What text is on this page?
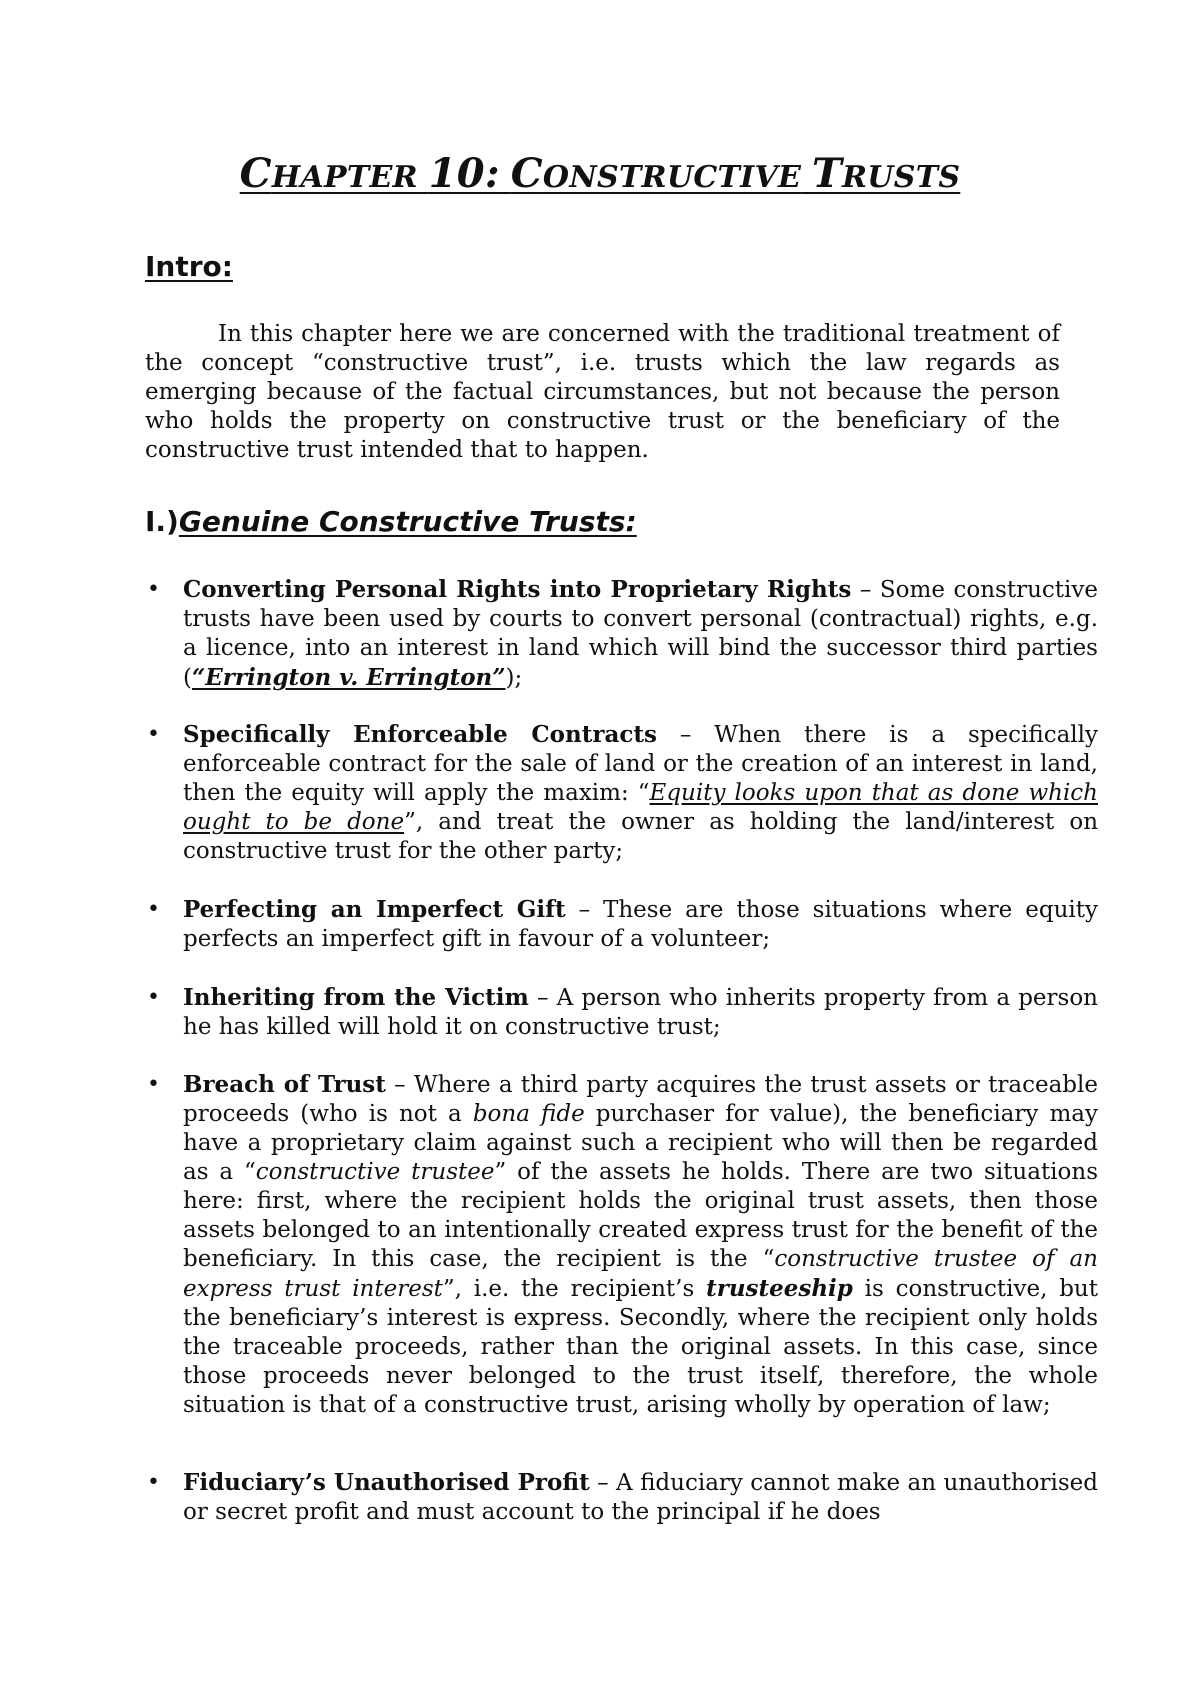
CHAPTER 10: CONSTRUCTIVE TRUSTS
Intro:
In this chapter here we are concerned with the traditional treatment of the concept “constructive trust”, i.e. trusts which the law regards as emerging because of the factual circumstances, but not because the person who holds the property on constructive trust or the beneficiary of the constructive trust intended that to happen.
I.)Genuine Constructive Trusts:
• Converting Personal Rights into Proprietary Rights – Some constructive trusts have been used by courts to convert personal (contractual) rights, e.g. a licence, into an interest in land which will bind the successor third parties (“Errington v. Errington”);
• Specifically Enforceable Contracts – When there is a specifically enforceable contract for the sale of land or the creation of an interest in land, then the equity will apply the maxim: “Equity looks upon that as done which ought to be done”, and treat the owner as holding the land/interest on constructive trust for the other party;
• Perfecting an Imperfect Gift – These are those situations where equity perfects an imperfect gift in favour of a volunteer;
• Inheriting from the Victim – A person who inherits property from a person he has killed will hold it on constructive trust;
• Breach of Trust – Where a third party acquires the trust assets or traceable proceeds (who is not a bona fide purchaser for value), the beneficiary may have a proprietary claim against such a recipient who will then be regarded as a “constructive trustee” of the assets he holds. There are two situations here: first, where the recipient holds the original trust assets, then those assets belonged to an intentionally created express trust for the benefit of the beneficiary. In this case, the recipient is the “constructive trustee of an express trust interest”, i.e. the recipient’s trusteeship is constructive, but the beneficiary’s interest is express. Secondly, where the recipient only holds the traceable proceeds, rather than the original assets. In this case, since those proceeds never belonged to the trust itself, therefore, the whole situation is that of a constructive trust, arising wholly by operation of law;
• Fiduciary’s Unauthorised Profit – A fiduciary cannot make an unauthorised or secret profit and must account to the principal if he does
